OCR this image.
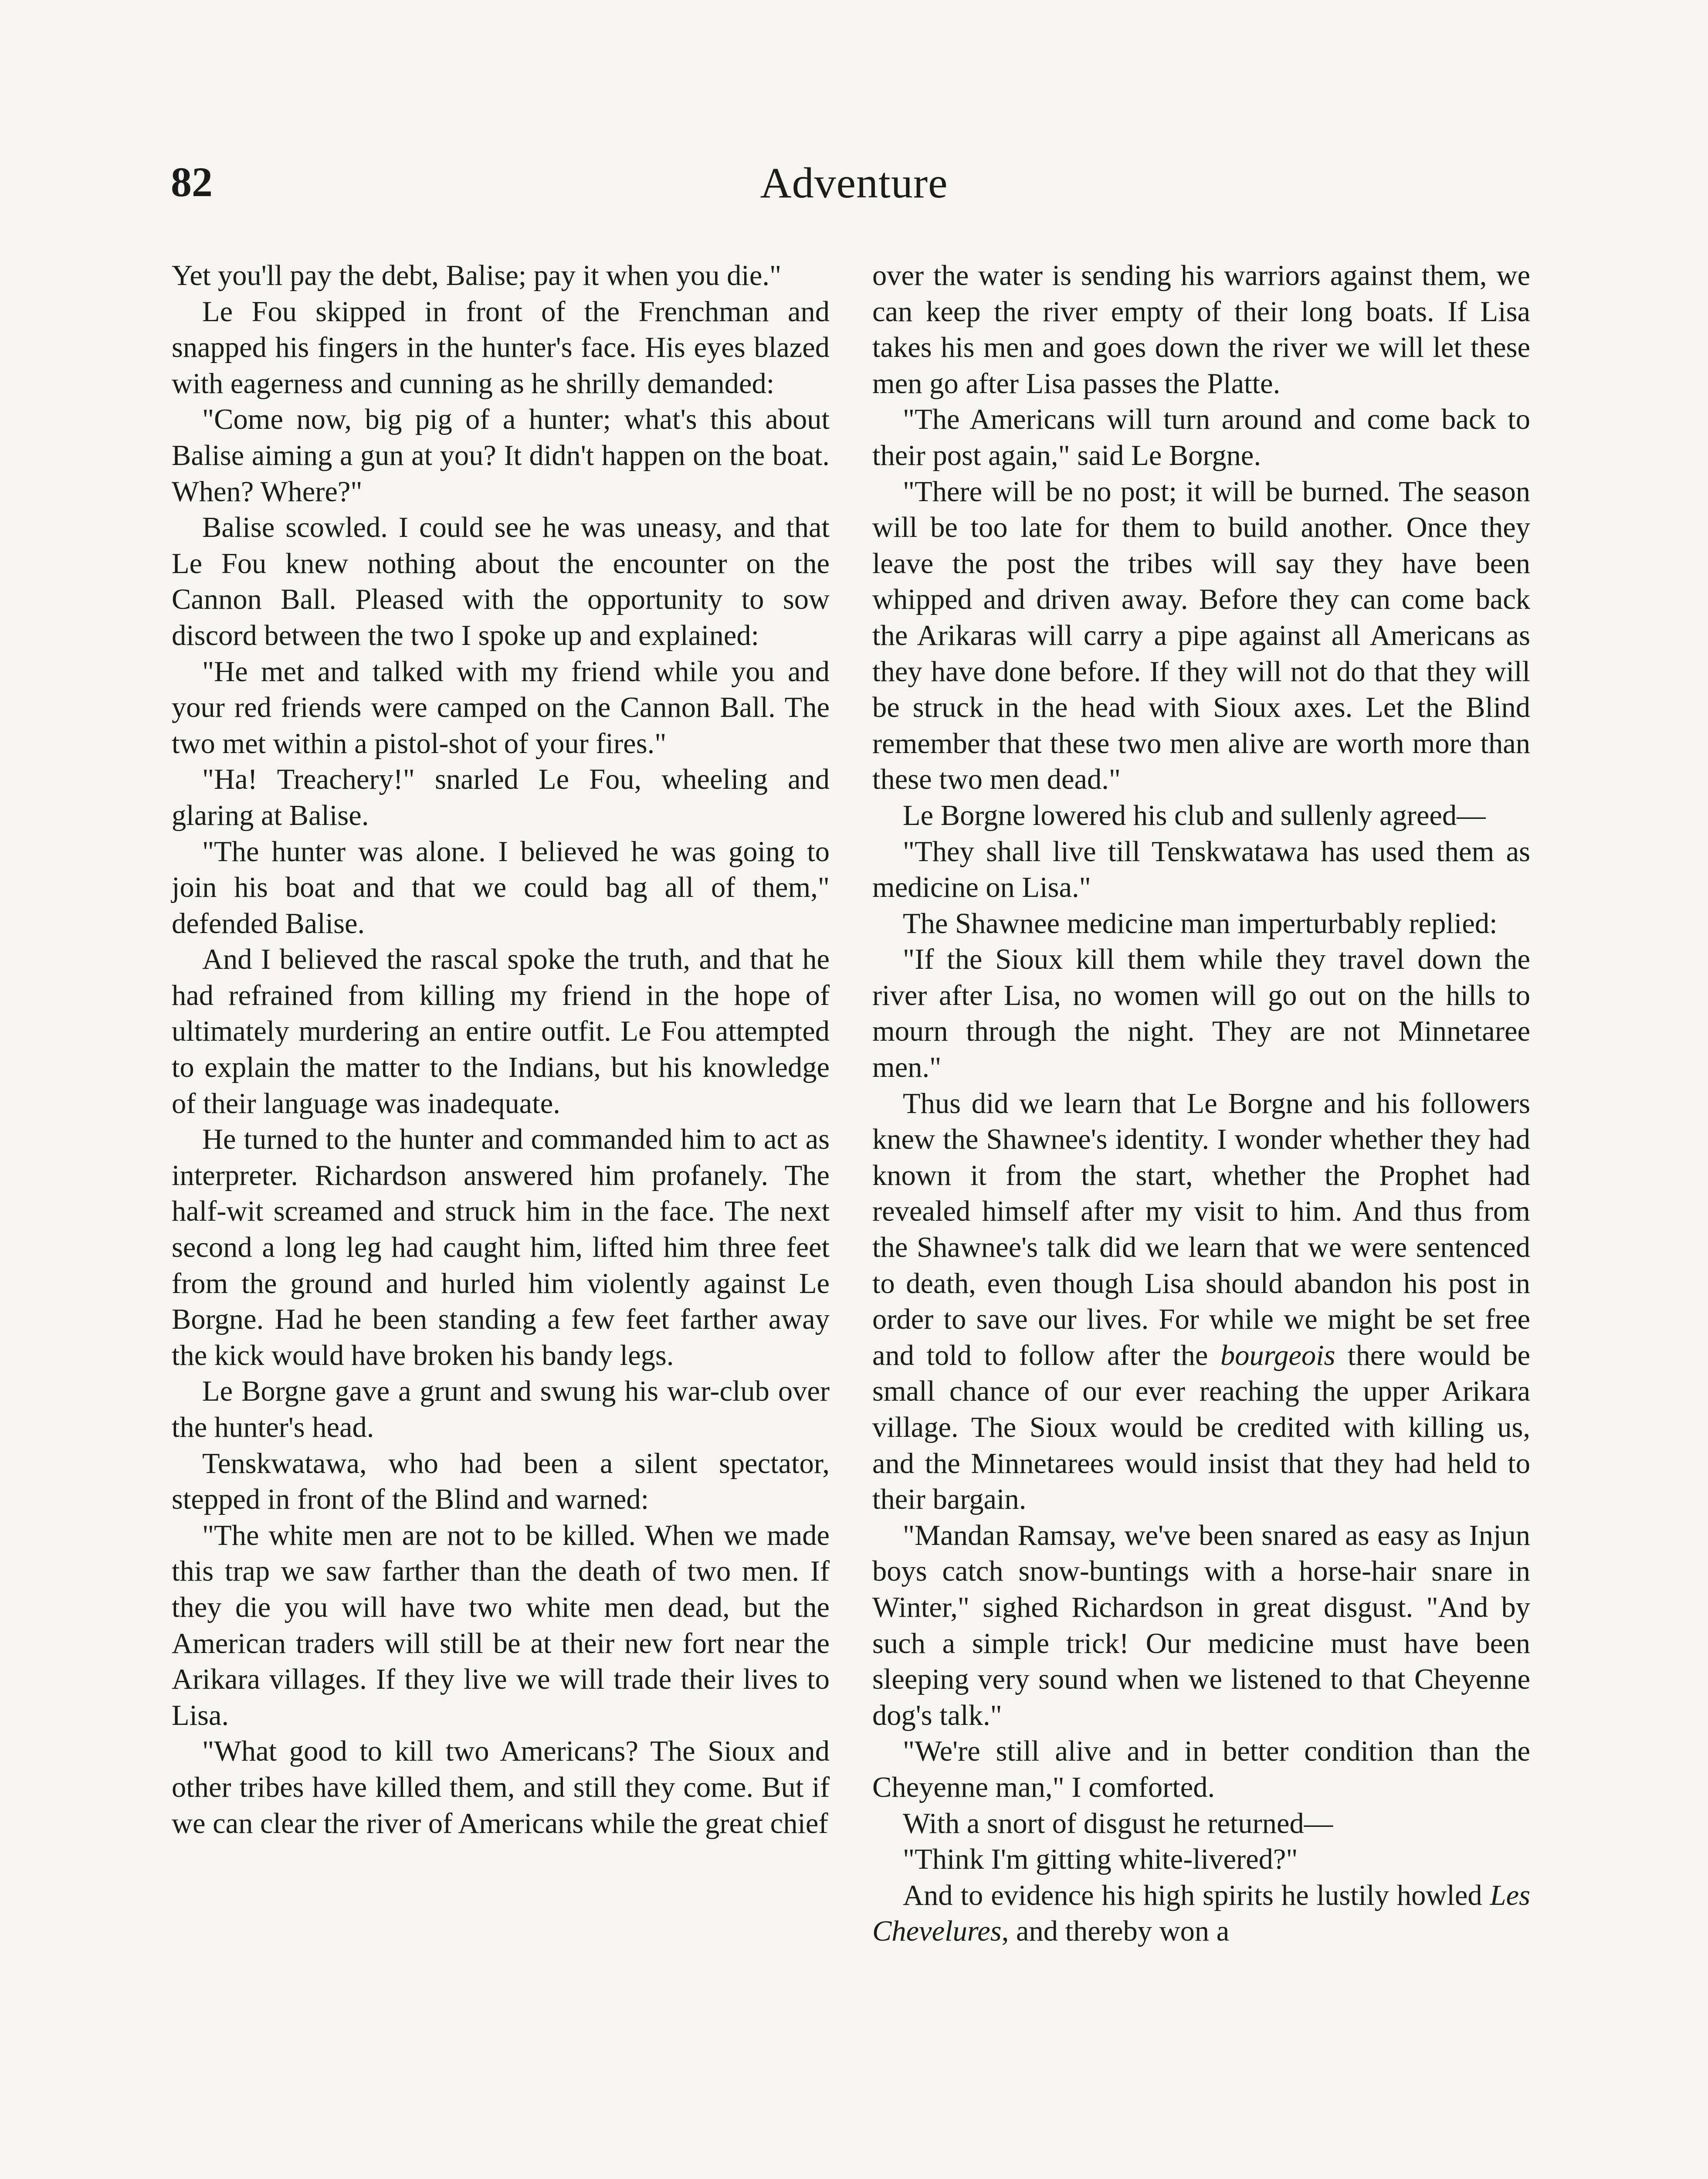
82	Adventure

Yet you'll pay the debt, Balise; pay it when you die."

Le Fou skipped in front of the Frenchman and snapped his fingers in the hunter's face. His eyes blazed with eagerness and cunning as he shrilly demanded:

"Come now, big pig of a hunter; what's this about Balise aiming a gun at you? It didn't happen on the boat. When? Where?"

Balise scowled. I could see he was uneasy, and that Le Fou knew nothing about the encounter on the Cannon Ball. Pleased with the opportunity to sow discord between the two I spoke up and explained:

"He met and talked with my friend while you and your red friends were camped on the Cannon Ball. The two met within a pistol-shot of your fires."

"Ha! Treachery!" snarled Le Fou, wheeling and glaring at Balise.

"The hunter was alone. I believed he was going to join his boat and that we could bag all of them," defended Balise.

And I believed the rascal spoke the truth, and that he had refrained from killing my friend in the hope of ultimately murdering an entire outfit. Le Fou attempted to explain the matter to the Indians, but his knowledge of their language was inadequate.

He turned to the hunter and commanded him to act as interpreter. Richardson answered him profanely. The half-wit screamed and struck him in the face. The next second a long leg had caught him, lifted him three feet from the ground and hurled him violently against Le Borgne. Had he been standing a few feet farther away the kick would have broken his bandy legs.

Le Borgne gave a grunt and swung his war-club over the hunter's head.

Tenskwatawa, who had been a silent spectator, stepped in front of the Blind and warned:

"The white men are not to be killed. When we made this trap we saw farther than the death of two men. If they die you will have two white men dead, but the American traders will still be at their new fort near the Arikara villages. If they live we will trade their lives to Lisa.

"What good to kill two Americans? The Sioux and other tribes have killed them, and still they come. But if we can clear the river of Americans while the great chief

over the water is sending his warriors against them, we can keep the river empty of their long boats. If Lisa takes his men and goes down the river we will let these men go after Lisa passes the Platte.

"The Americans will turn around and come back to their post again," said Le Borgne.

"There will be no post; it will be burned. The season will be too late for them to build another. Once they leave the post the tribes will say they have been whipped and driven away. Before they can come back the Arikaras will carry a pipe against all Americans as they have done before. If they will not do that they will be struck in the head with Sioux axes. Let the Blind remember that these two men alive are worth more than these two men dead."

Le Borgne lowered his club and sullenly agreed—

"They shall live till Tenskwatawa has used them as medicine on Lisa."

The Shawnee medicine man imperturbably replied:

"If the Sioux kill them while they travel down the river after Lisa, no women will go out on the hills to mourn through the night. They are not Minnetaree men."

Thus did we learn that Le Borgne and his followers knew the Shawnee's identity. I wonder whether they had known it from the start, whether the Prophet had revealed himself after my visit to him. And thus from the Shawnee's talk did we learn that we were sentenced to death, even though Lisa should abandon his post in order to save our lives. For while we might be set free and told to follow after the bourgeois there would be small chance of our ever reaching the upper Arikara village. The Sioux would be credited with killing us, and the Minnetarees would insist that they had held to their bargain.

"Mandan Ramsay, we've been snared as easy as Injun boys catch snow-buntings with a horse-hair snare in Winter," sighed Richardson in great disgust. "And by such a simple trick! Our medicine must have been sleeping very sound when we listened to that Cheyenne dog's talk."

"We're still alive and in better condition than the Cheyenne man," I comforted.

With a snort of disgust he returned—

"Think I'm gitting white-livered?"

And to evidence his high spirits he lustily howled Les Chevelures, and thereby won a
